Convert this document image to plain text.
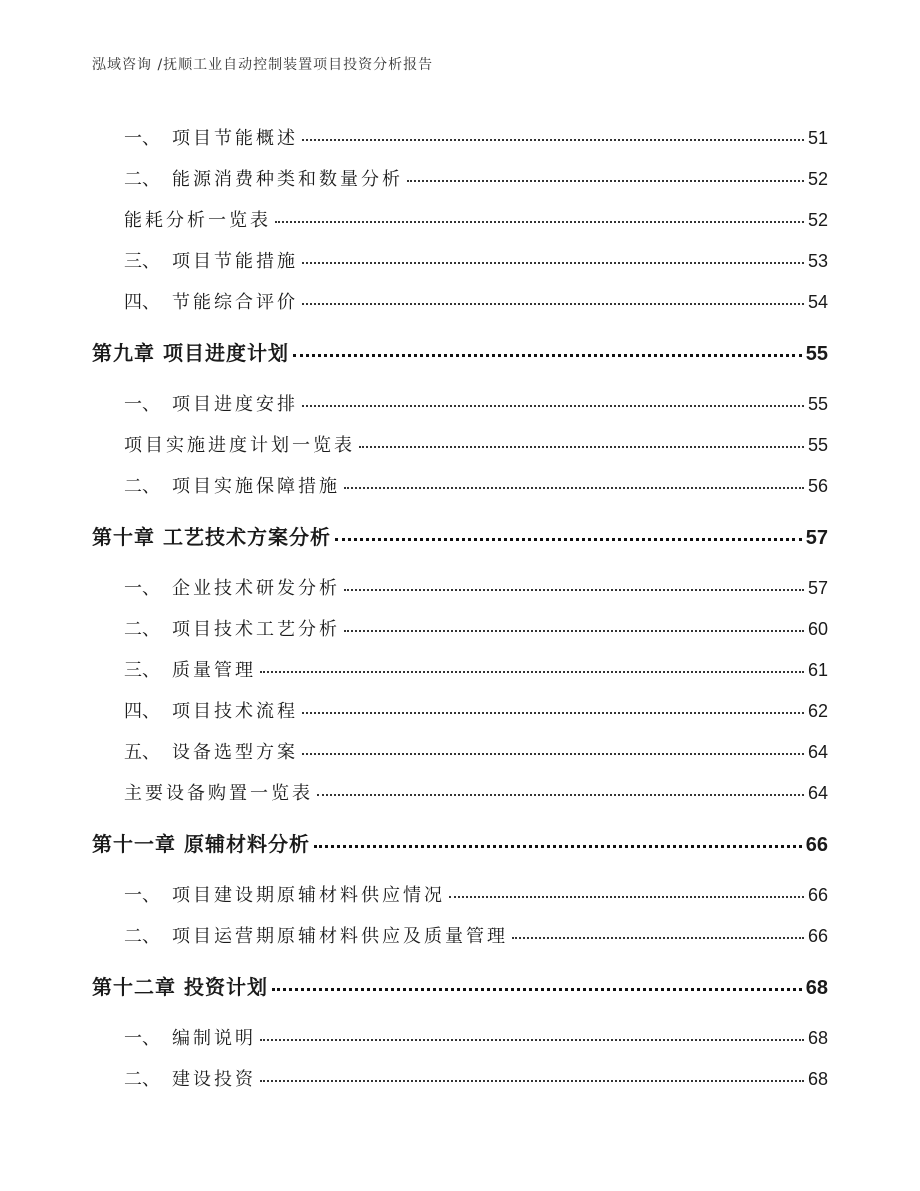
泓域咨询 /抚顺工业自动控制装置项目投资分析报告
一、 项目节能概述	51
二、 能源消费种类和数量分析	52
能耗分析一览表	52
三、 项目节能措施	53
四、 节能综合评价	54
第九章 项目进度计划	55
一、 项目进度安排	55
项目实施进度计划一览表	55
二、 项目实施保障措施	56
第十章 工艺技术方案分析	57
一、 企业技术研发分析	57
二、 项目技术工艺分析	60
三、 质量管理	61
四、 项目技术流程	62
五、 设备选型方案	64
主要设备购置一览表	64
第十一章 原辅材料分析	66
一、 项目建设期原辅材料供应情况	66
二、 项目运营期原辅材料供应及质量管理	66
第十二章 投资计划	68
一、 编制说明	68
二、 建设投资	68
